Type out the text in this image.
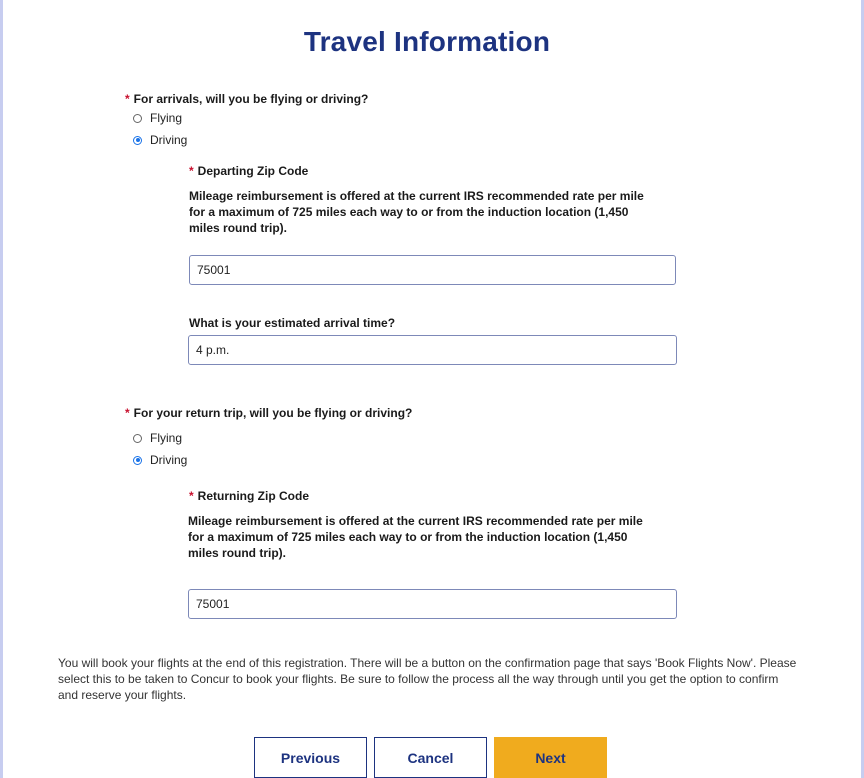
Travel Information
* For arrivals, will you be flying or driving?
Flying
Driving
* Departing Zip Code
Mileage reimbursement is offered at the current IRS recommended rate per mile for a maximum of 725 miles each way to or from the induction location (1,450 miles round trip).
75001
What is your estimated arrival time?
4 p.m.
* For your return trip, will you be flying or driving?
Flying
Driving
* Returning Zip Code
Mileage reimbursement is offered at the current IRS recommended rate per mile for a maximum of 725 miles each way to or from the induction location (1,450 miles round trip).
75001
You will book your flights at the end of this registration. There will be a button on the confirmation page that says 'Book Flights Now'. Please select this to be taken to Concur to book your flights. Be sure to follow the process all the way through until you get the option to confirm and reserve your flights.
Previous	Cancel	Next
